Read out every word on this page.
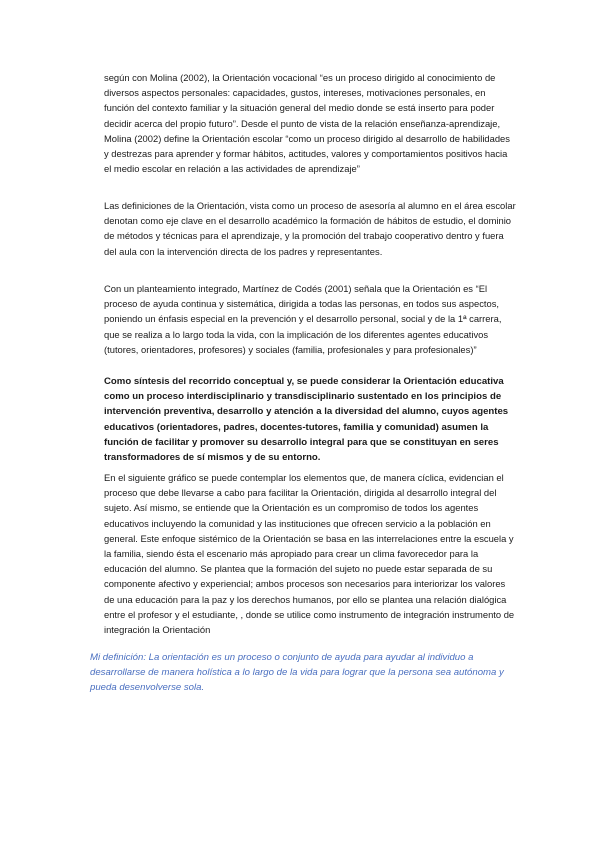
según con Molina (2002), la Orientación vocacional “es un proceso dirigido al conocimiento de diversos aspectos personales: capacidades, gustos, intereses, motivaciones personales, en función del contexto familiar y la situación general del medio donde se está inserto para poder decidir acerca del propio futuro”. Desde el punto de vista de la relación enseñanza-aprendizaje, Molina (2002) define la Orientación escolar “como un proceso dirigido al desarrollo de habilidades y destrezas para aprender y formar hábitos, actitudes, valores y comportamientos positivos hacia el medio escolar en relación a las actividades de aprendizaje”

Las definiciones de la Orientación, vista como un proceso de asesoría al alumno en el área escolar denotan como eje clave en el desarrollo académico la formación de hábitos de estudio, el dominio de métodos y técnicas para el aprendizaje, y la promoción del trabajo cooperativo dentro y fuera del aula con la intervención directa de los padres y representantes.

Con un planteamiento integrado, Martínez de Codés (2001) señala que la Orientación es “El proceso de ayuda continua y sistemática, dirigida a todas las personas, en todos sus aspectos, poniendo un énfasis especial en la prevención y el desarrollo personal, social y de la 1ª carrera, que se realiza a lo largo toda la vida, con la implicación de los diferentes agentes educativos (tutores, orientadores, profesores) y sociales (familia, profesionales y para profesionales)”

Como síntesis del recorrido conceptual y, se puede considerar la Orientación educativa como un proceso interdisciplinario y transdisciplinario sustentado en los principios de intervención preventiva, desarrollo y atención a la diversidad del alumno, cuyos agentes educativos (orientadores, padres, docentes-tutores, familia y comunidad) asumen la función de facilitar y promover su desarrollo integral para que se constituyan en seres transformadores de sí mismos y de su entorno.

En el siguiente gráfico se puede contemplar los elementos que, de manera cíclica, evidencian el proceso que debe llevarse a cabo para facilitar la Orientación, dirigida al desarrollo integral del sujeto. Así mismo, se entiende que la Orientación es un compromiso de todos los agentes educativos incluyendo la comunidad y las instituciones que ofrecen servicio a la población en general. Este enfoque sistémico de la Orientación se basa en las interrelaciones entre la escuela y la familia, siendo ésta el escenario más apropiado para crear un clima favorecedor para la educación del alumno. Se plantea que la formación del sujeto no puede estar separada de su componente afectivo y experiencial; ambos procesos son necesarios para interiorizar los valores de una educación para la paz y los derechos humanos, por ello se plantea una relación dialógica entre el profesor y el estudiante, , donde se utilice como instrumento de integración instrumento de integración la Orientación

Mi definición: La orientación es un proceso o conjunto de ayuda para ayudar al individuo a desarrollarse de manera holística a lo largo de la vida para lograr que la persona sea autónoma y pueda desenvolverse sola.
